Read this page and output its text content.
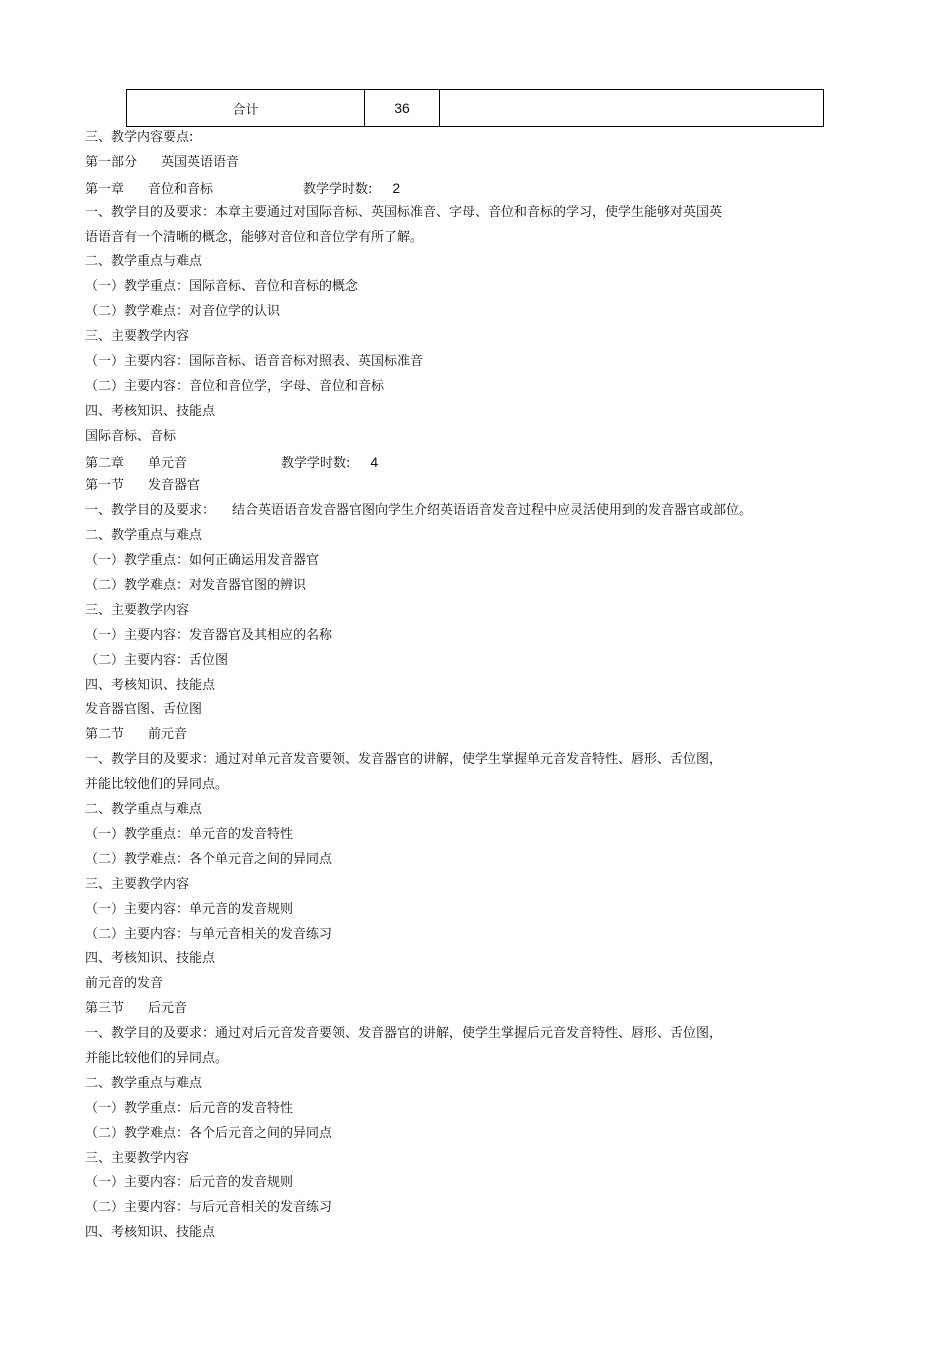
合计	36	
三、教学内容要点:
第一部分 英国英语语音
第一章 音位和音标	教学学时数: 2
一、教学目的及要求：本章主要通过对国际音标、英国标准音、字母、音位和音标的学习，使学生能够对英国英
语语音有一个清晰的概念，能够对音位和音位学有所了解。
二、教学重点与难点
（一）教学重点：国际音标、音位和音标的概念
（二）教学难点：对音位学的认识
三、主要教学内容
（一）主要内容：国际音标、语音音标对照表、英国标准音
（二）主要内容：音位和音位学，字母、音位和音标
四、考核知识、技能点
国际音标、音标
第二章 单元音	教学学时数: 4
第一节 发音器官
一、教学目的及要求： 结合英语语音发音器官图向学生介绍英语语音发音过程中应灵活使用到的发音器官或部位。
二、教学重点与难点
（一）教学重点：如何正确运用发音器官
（二）教学难点：对发音器官图的辨识
三、主要教学内容
（一）主要内容：发音器官及其相应的名称
（二）主要内容：舌位图
四、考核知识、技能点
发音器官图、舌位图
第二节 前元音
一、教学目的及要求：通过对单元音发音要领、发音器官的讲解，使学生掌握单元音发音特性、唇形、舌位图，
并能比较他们的异同点。
二、教学重点与难点
（一）教学重点：单元音的发音特性
（二）教学难点：各个单元音之间的异同点
三、主要教学内容
（一）主要内容：单元音的发音规则
（二）主要内容：与单元音相关的发音练习
四、考核知识、技能点
前元音的发音
第三节 后元音
一、教学目的及要求：通过对后元音发音要领、发音器官的讲解，使学生掌握后元音发音特性、唇形、舌位图，
并能比较他们的异同点。
二、教学重点与难点
（一）教学重点：后元音的发音特性
（二）教学难点：各个后元音之间的异同点
三、主要教学内容
（一）主要内容：后元音的发音规则
（二）主要内容：与后元音相关的发音练习
四、考核知识、技能点
